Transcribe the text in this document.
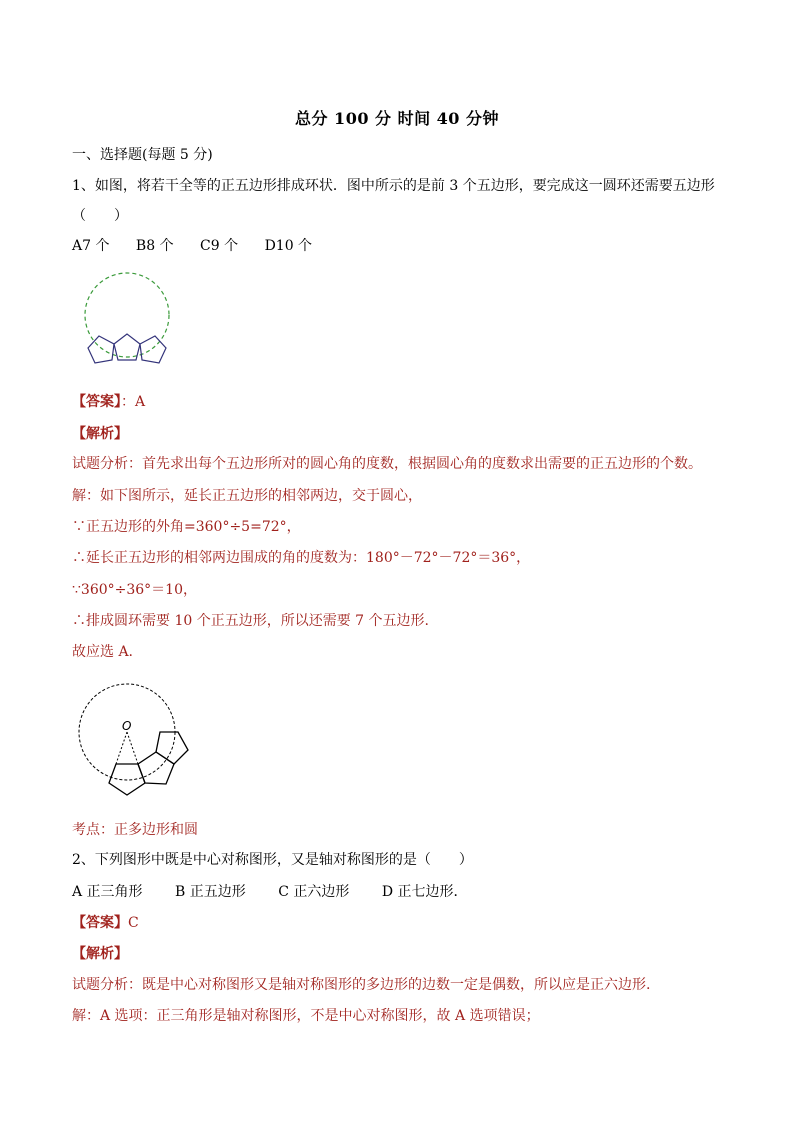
总分 100 分 时间 40 分钟
一、选择题(每题 5 分)
1、如图，将若干全等的正五边形排成环状．图中所示的是前 3 个五边形，要完成这一圆环还需要五边形
（　　）
A7 个 B8 个 C9 个 D10 个
【答案】：A
【解析】
试题分析：首先求出每个五边形所对的圆心角的度数，根据圆心角的度数求出需要的正五边形的个数。
解：如下图所示，延长正五边形的相邻两边，交于圆心，
∵正五边形的外角=360°÷5=72°，
∴延长正五边形的相邻两边围成的角的度数为：180°－72°－72°＝36°，
∵360°÷36°＝10，
∴排成圆环需要 10 个正五边形，所以还需要 7 个五边形.
故应选 A.
O
考点：正多边形和圆
2、下列图形中既是中心对称图形，又是轴对称图形的是（　　）
A 正三角形 B 正五边形 C 正六边形 D 正七边形．
【答案】C
【解析】
试题分析：既是中心对称图形又是轴对称图形的多边形的边数一定是偶数，所以应是正六边形.
解：A 选项：正三角形是轴对称图形，不是中心对称图形，故 A 选项错误；
